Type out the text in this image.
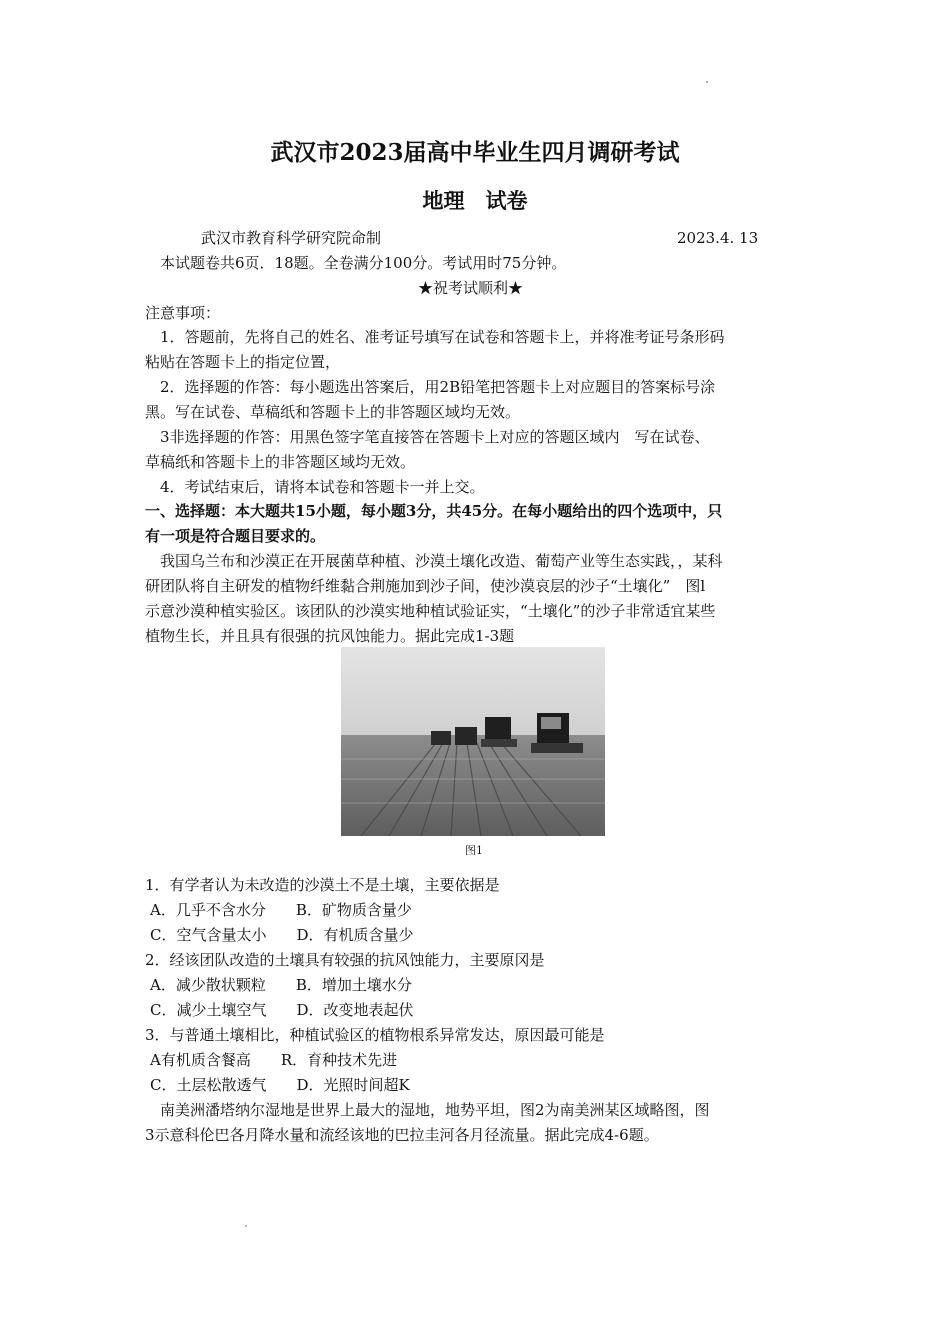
武汉市2023届高中毕业生四月调研考试
地理　试卷
武汉市教育科学研究院命制	2023.4. 13
本试题卷共6页．18题。全卷满分100分。考试用时75分钟。
★祝考试顺利★
注意事项：
1．答题前，先将自己的姓名、准考证号填写在试卷和答题卡上，并将准考证号条形码
粘贴在答题卡上的指定位置，
2．选择题的作答：每小题选出答案后，用2B铅笔把答题卡上对应题目的答案标号涂
黑。写在试卷、草稿纸和答题卡上的非答题区域均无效。
3非选择题的作答：用黑色签字笔直接答在答题卡上对应的答题区域内　写在试卷、
草稿纸和答题卡上的非答题区域均无效。
4．考试结束后，请将本试卷和答题卡一并上交。
一、选择题：本大题共15小题，每小题3分，共45分。在每小题给出的四个选项中，只
有一项是符合题目要求的。
我国乌兰布和沙漠正在开展菌草种植、沙漠土壤化改造、葡萄产业等生态实践，，某科
研团队将自主研发的植物纤维黏合荆施加到沙子间，使沙漠哀层的沙子“土壤化”　图l
示意沙漠种植实验区。该团队的沙漠实地种植试验证实，“土壤化”的沙子非常适宜某些
植物生长，并且具有很强的抗风蚀能力。据此完成1-3题
图1
1．有学者认为未改造的沙漠土不是土壤，主要依据是
A．几乎不含水分　　B．矿物质含量少
C．空气含量太小　　D．有机质含量少
2．经该团队改造的土壤具有较强的抗风蚀能力，主要原冈是
A．减少散状颗粒　　B．增加土壤水分
C．减少土壤空气　　D．改变地表起伏
3．与普通土壤相比，种植试验区的植物根系异常发达，原因最可能是
A有机质含餐高　　R．育种技术先进
C．土层松散透气　　D．光照时间超K
南美洲潘塔纳尔湿地是世界上最大的湿地，地势平坦，图2为南美洲某区域略图，图
3示意科伦巴各月降水量和流经该地的巴拉圭河各月径流量。据此完成4-6题。
